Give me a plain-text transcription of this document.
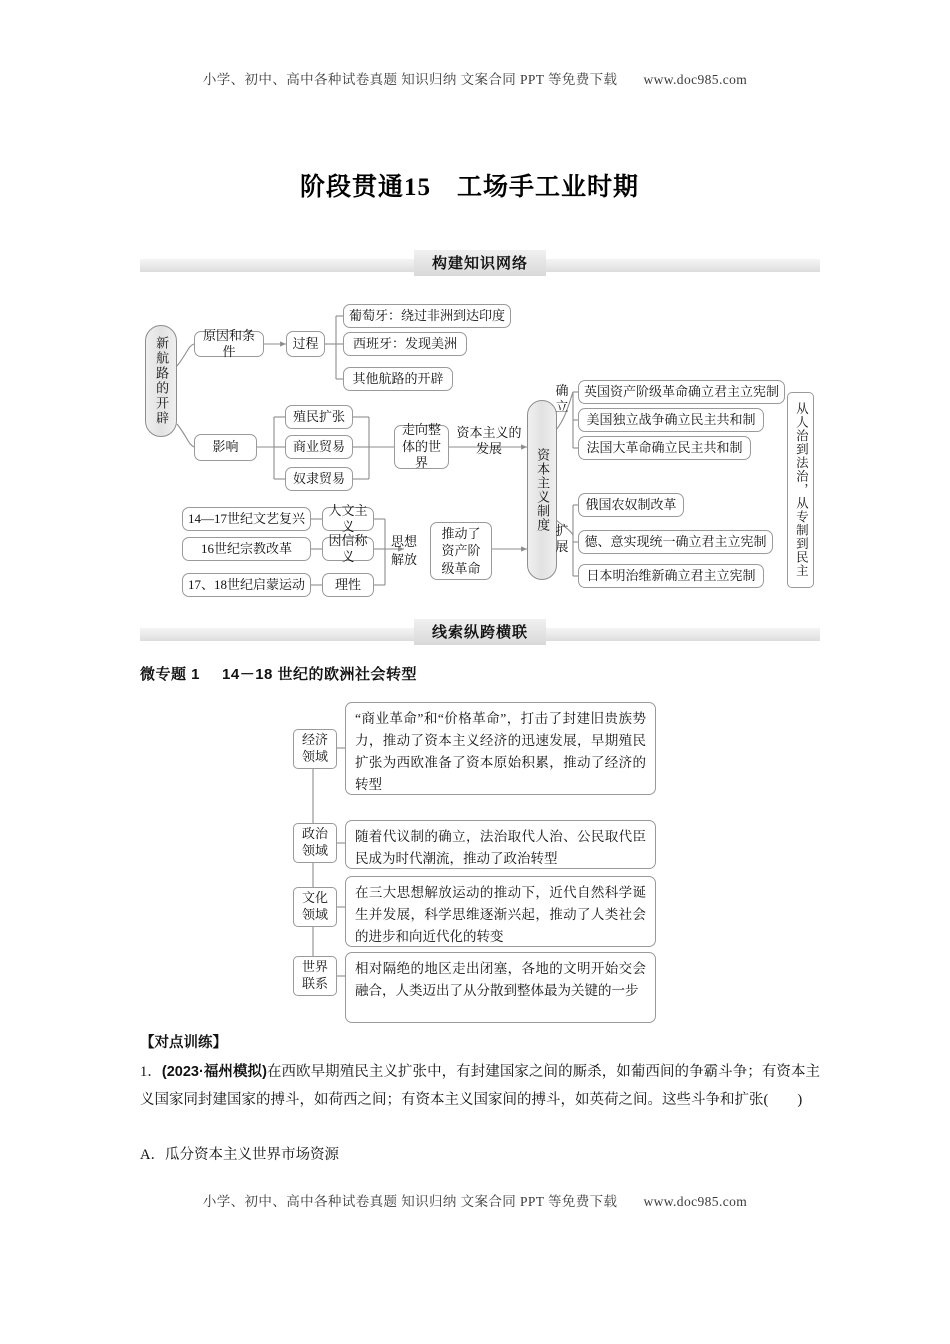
小学、初中、高中各种试卷真题 知识归纳 文案合同 PPT 等免费下载 www.doc985.com
阶段贯通15 工场手工业时期
构建知识网络
新航路的开辟
原因和条件
过程
葡萄牙：绕过非洲到达印度
西班牙：发现美洲
其他航路的开辟
影响
殖民扩张
商业贸易
奴隶贸易
走向整体的世界
资本主义的发展
14—17世纪文艺复兴
16世纪宗教改革
17、18世纪启蒙运动
人文主义
因信称义
理性
思想解放
推动了资产阶级革命
资本主义制度
确立
扩展
英国资产阶级革命确立君主立宪制
美国独立战争确立民主共和制
法国大革命确立民主共和制
俄国农奴制改革
德、意实现统一确立君主立宪制
日本明治维新确立君主立宪制	从人治到法治，从专制到民主
线索纵跨横联
微专题 1 14－18 世纪的欧洲社会转型
经济
领域
“商业革命”和“价格革命”，打击了封建旧贵族势力，推动了资本主义经济的迅速发展，早期殖民扩张为西欧准备了资本原始积累，推动了经济的转型
政治
领域
随着代议制的确立，法治取代人治、公民取代臣民成为时代潮流，推动了政治转型
文化
领域
在三大思想解放运动的推动下，近代自然科学诞生并发展，科学思维逐渐兴起，推动了人类社会的进步和向近代化的转变
世界
联系
相对隔绝的地区走出闭塞，各地的文明开始交会融合，人类迈出了从分散到整体最为关键的一步
【对点训练】
1．(2023·福州模拟)在西欧早期殖民主义扩张中，有封建国家之间的厮杀，如葡西间的争霸斗争；有资本主义国家同封建国家的搏斗，如荷西之间；有资本主义国家间的搏斗，如英荷之间。这些斗争和扩张(　　)
A．瓜分资本主义世界市场资源
小学、初中、高中各种试卷真题 知识归纳 文案合同 PPT 等免费下载 www.doc985.com
